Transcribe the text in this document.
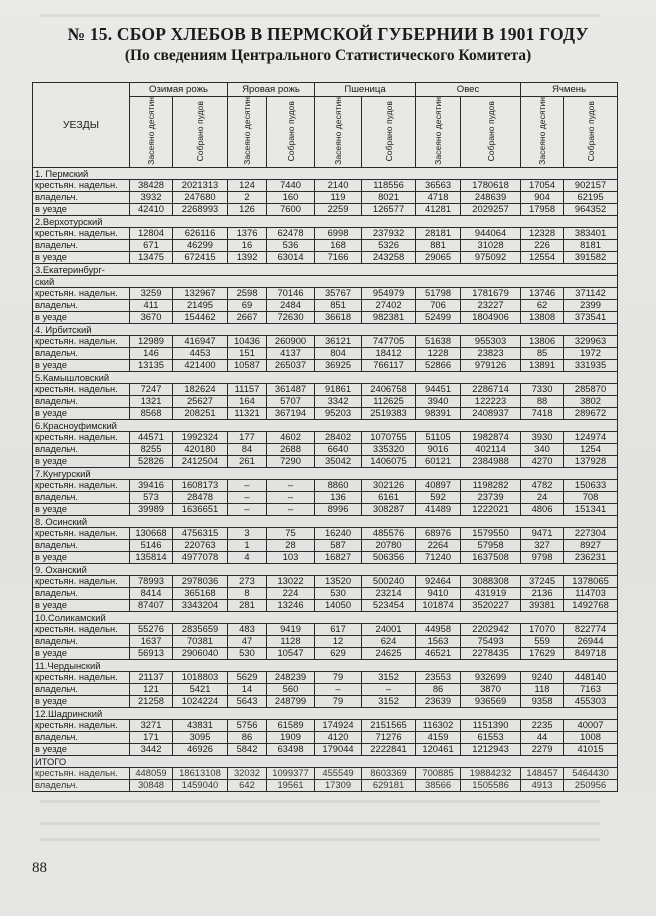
№ 15. СБОР ХЛЕБОВ В ПЕРМСКОЙ ГУБЕРНИИ В 1901 ГОДУ
(По сведениям Центрального Статистического Комитета)
УЕЗДЫ	Озимая рожь		Яровая рожь		Пшеница		Овес		Ячмень	
	Засеяно десятин	Собрано пудов	Засеяно десятин	Собрано пудов	Засеяно десятин	Собрано пудов	Засеяно десятин	Собрано пудов	Засеяно десятин	Собрано пудов
1. Пермский										
крестьян. надельн.	38428	2021313	124	7440	2140	118556	36563	1780618	17054	902157
владельч.	3932	247680	2	160	119	8021	4718	248639	904	62195
в уезде	42410	2268993	126	7600	2259	126577	41281	2029257	17958	964352
2.Верхотурский										
крестьян. надельн.	12804	626116	1376	62478	6998	237932	28181	944064	12328	383401
владельч.	671	46299	16	536	168	5326	881	31028	226	8181
в уезде	13475	672415	1392	63014	7166	243258	29065	975092	12554	391582
3.Екатеринбург-										
ский										
крестьян. надельн.	3259	132967	2598	70146	35767	954979	51798	1781679	13746	371142
владельч.	411	21495	69	2484	851	27402	706	23227	62	2399
в уезде	3670	154462	2667	72630	36618	982381	52499	1804906	13808	373541
4. Ирбитский										
крестьян. надельн.	12989	416947	10436	260900	36121	747705	51638	955303	13806	329963
владельч.	146	4453	151	4137	804	18412	1228	23823	85	1972
в уезде	13135	421400	10587	265037	36925	766117	52866	979126	13891	331935
5.Камышловский										
крестьян. надельн.	7247	182624	11157	361487	91861	2406758	94451	2286714	7330	285870
владельч.	1321	25627	164	5707	3342	112625	3940	122223	88	3802
в уезде	8568	208251	11321	367194	95203	2519383	98391	2408937	7418	289672
6.Красноуфимский										
крестьян. надельн.	44571	1992324	177	4602	28402	1070755	51105	1982874	3930	124974
владельч.	8255	420180	84	2688	6640	335320	9016	402114	340	1254
в уезде	52826	2412504	261	7290	35042	1406075	60121	2384988	4270	137928
7.Кунгурский										
крестьян. надельн.	39416	1608173	–	–	8860	302126	40897	1198282	4782	150633
владельч.	573	28478	–	–	136	6161	592	23739	24	708
в уезде	39989	1636651	–	–	8996	308287	41489	1222021	4806	151341
8. Осинский										
крестьян. надельн.	130668	4756315	3	75	16240	485576	68976	1579550	9471	227304
владельч.	5146	220763	1	28	587	20780	2264	57958	327	8927
в уезде	135814	4977078	4	103	16827	506356	71240	1637508	9798	236231
9. Оханский										
крестьян. надельн.	78993	2978036	273	13022	13520	500240	92464	3088308	37245	1378065
владельч.	8414	365168	8	224	530	23214	9410	431919	2136	114703
в уезде	87407	3343204	281	13246	14050	523454	101874	3520227	39381	1492768
10.Соликамский										
крестьян. надельн.	55276	2835659	483	9419	617	24001	44958	2202942	17070	822774
владельч.	1637	70381	47	1128	12	624	1563	75493	559	26944
в уезде	56913	2906040	530	10547	629	24625	46521	2278435	17629	849718
11.Чердынский										
крестьян. надельн.	21137	1018803	5629	248239	79	3152	23553	932699	9240	448140
владельч.	121	5421	14	560	–	–	86	3870	118	7163
в уезде	21258	1024224	5643	248799	79	3152	23639	936569	9358	455303
12.Шадринский										
крестьян. надельн.	3271	43831	5756	61589	174924	2151565	116302	1151390	2235	40007
владельч.	171	3095	86	1909	4120	71276	4159	61553	44	1008
в уезде	3442	46926	5842	63498	179044	2222841	120461	1212943	2279	41015
ИТОГО										
крестьян. надельн.	448059	18613108	32032	1099377	455549	8603369	700885	19884232	148457	5464430
владельч.	30848	1459040	642	19561	17309	629181	38566	1505586	4913	250956
88
